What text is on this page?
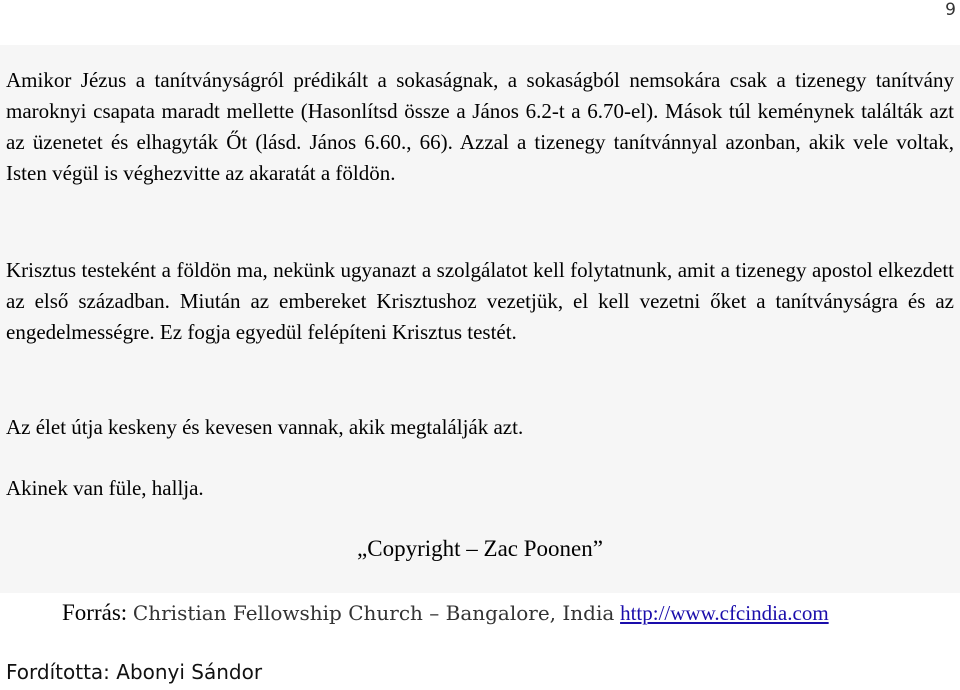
9

Amikor Jézus a tanítványságról prédikált a sokaságnak, a sokaságból nemsokára csak a tizenegy tanítvány maroknyi csapata maradt mellette (Hasonlítsd össze a János 6.2-t a 6.70-el). Mások túl keménynek találták azt az üzenetet és elhagyták Őt (lásd. János 6.60., 66). Azzal a tizenegy tanítvánnyal azonban, akik vele voltak, Isten végül is véghezvitte az akaratát a földön.

Krisztus testeként a földön ma, nekünk ugyanazt a szolgálatot kell folytatnunk, amit a tizenegy apostol elkezdett az első században. Miután az embereket Krisztushoz vezetjük, el kell vezetni őket a tanítványságra és az engedelmességre. Ez fogja egyedül felépíteni Krisztus testét.

Az élet útja keskeny és kevesen vannak, akik megtalálják azt.

Akinek van füle, hallja.

„Copyright – Zac Poonen”
Forrás: Christian Fellowship Church – Bangalore, India http://www.cfcindia.com
Fordította: Abonyi Sándor
